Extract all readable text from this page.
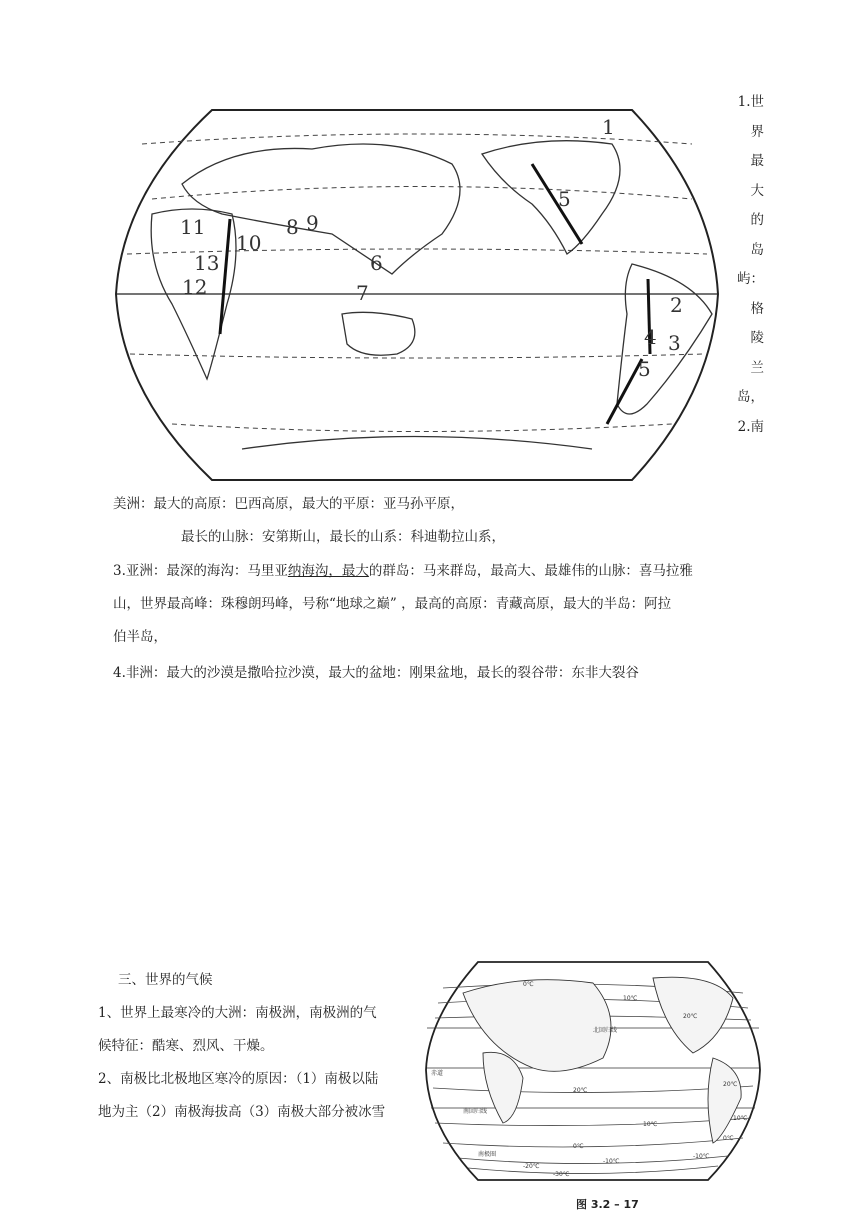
1
5
11
10
8 9
6
13
12	7	2
4 3
5
1.世
界
最
大
的
岛
屿：
格
陵
兰
岛，
2.南
美洲：最大的高原：巴西高原，最大的平原：亚马孙平原，
最长的山脉：安第斯山，最长的山系：科迪勒拉山系，
3.亚洲：最深的海沟：马里亚纳海沟，最大的群岛：马来群岛，最高大、最雄伟的山脉：喜马拉雅
山，世界最高峰：珠穆朗玛峰，号称“地球之巅” ，最高的高原：青藏高原，最大的半岛：阿拉
伯半岛，
4.非洲：最大的沙漠是撒哈拉沙漠，最大的盆地：刚果盆地，最长的裂谷带：东非大裂谷
三、世界的气候
1、世界上最寒冷的大洲：南极洲，南极洲的气
候特征：酷寒、烈风、干燥。
2、南极比北极地区寒冷的原因：（1）南极以陆
地为主（2）南极海拔高（3）南极大部分被冰雪
北回归线
赤道
南回归线
南极圈
0℃
10℃
20℃
20℃
10℃
0℃
-10℃
-20℃
-30℃
20℃
10℃
0℃
-10℃
图 3.2 – 17
